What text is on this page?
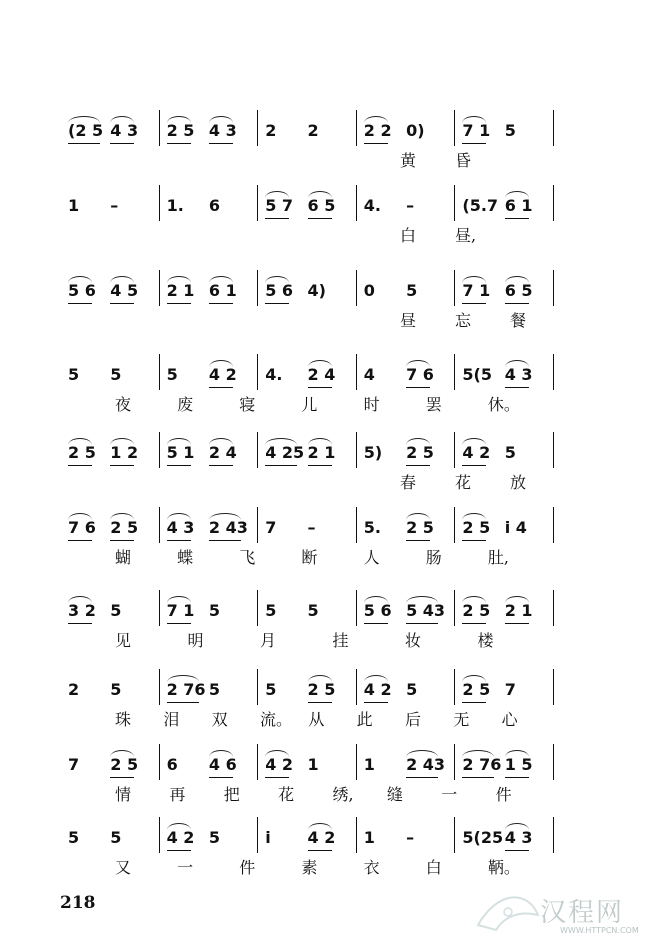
(2 5 4 3 2 5 4 3 2 2	2 2 0) 7 1 5
黄 昏
1 –	1. 6	5 7 6 5 4. –	(5.7 6 1
白 昼,
5 6 4 5 2 1 6 1 5 6 4) 0 5	7 1 6 5
昼 忘 餐
5 5	5 4 2 4. 2 4 4 7 6 5(5 4 3
夜	废	寝	儿	时	罢	休。
2 5 1 2 5 1 2 4 4 25 2 1 5) 2 5 4 2 5
春 花 放
7 6 2 5 4 3 2 43 7 –	5. 2 5 2 5 i 4
蝴	蝶	飞	断	人	肠	肚,
3 2 5	7 1 5	5 5	5 6 5 43 2 5 2 1
见	明	月	挂	妆	楼
2 5	2 76 5	5 2 5 4 2 5	2 5 7
珠 泪 双 流。 从 此 后 无 心
7 2 5 6 4 6 4 2 1	1 2 43 2 76 1 5
情 再 把 花 绣, 缝 一 件
5 5	4 2 5	i 4 2 1 –	5(25 4 3
又	一	件	素	衣	白	鞆。
218	汉程网
WWW.HTTPCN.COM
